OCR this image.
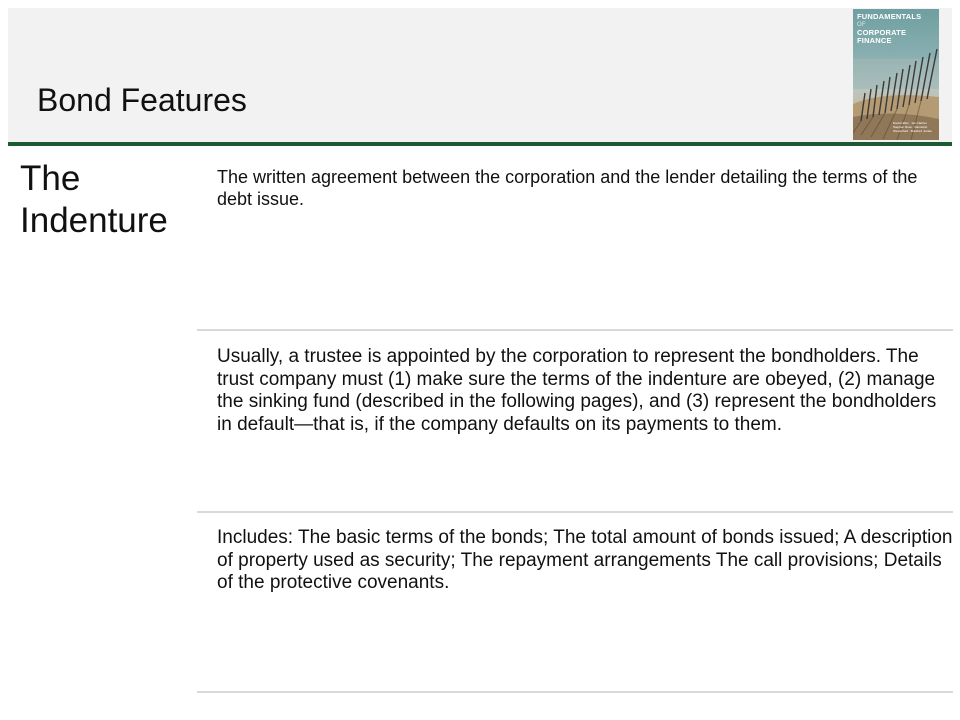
Bond Features
FUNDAMENTALS
OF
CORPORATE
FINANCE
David Hillier · Ian Clacher · Stephen Ross · Randolph Westerfield · Bradford Jordan
The Indenture

The written agreement between the corporation and the lender detailing the terms of the debt issue.

Usually, a trustee is appointed by the corporation to represent the bondholders. The trust company must (1) make sure the terms of the indenture are obeyed, (2) manage the sinking fund (described in the following pages), and (3) represent the bondholders in default—that is, if the company defaults on its payments to them.

Includes: The basic terms of the bonds; The total amount of bonds issued; A description of property used as security; The repayment arrangements The call provisions; Details of the protective covenants.
